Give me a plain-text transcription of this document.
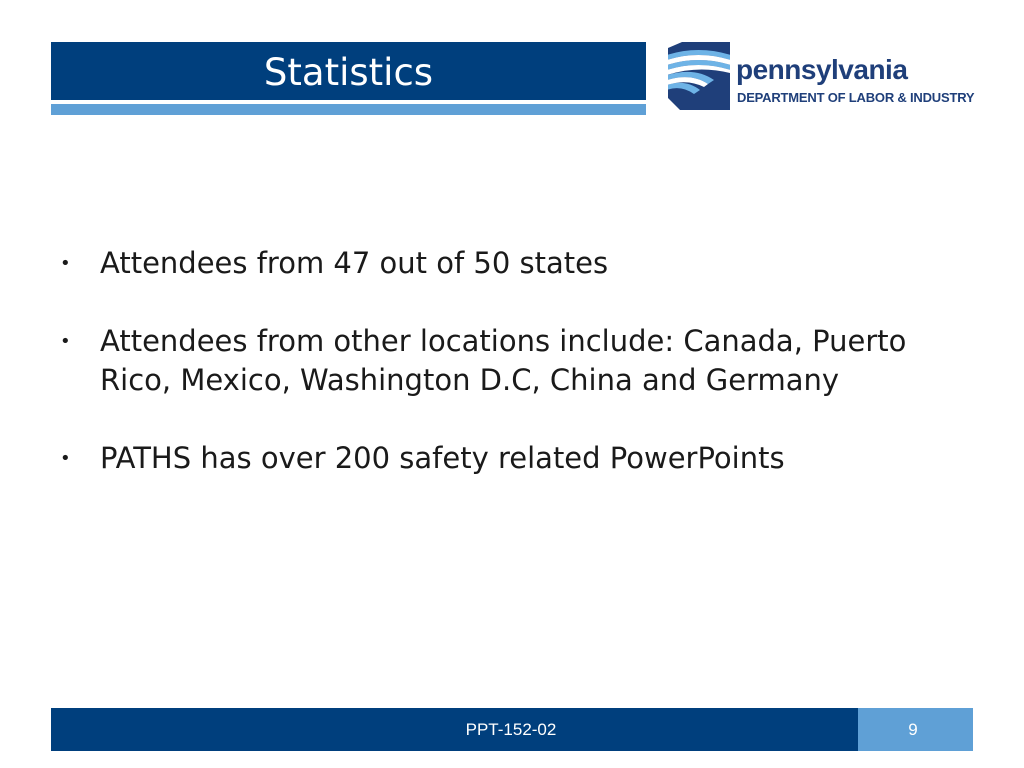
Statistics	pennsylvania
DEPARTMENT OF LABOR & INDUSTRY
• Attendees from 47 out of 50 states
• Attendees from other locations include: Canada, Puerto Rico, Mexico, Washington D.C, China and Germany
• PATHS has over 200 safety related PowerPoints
PPT-152-02	9
